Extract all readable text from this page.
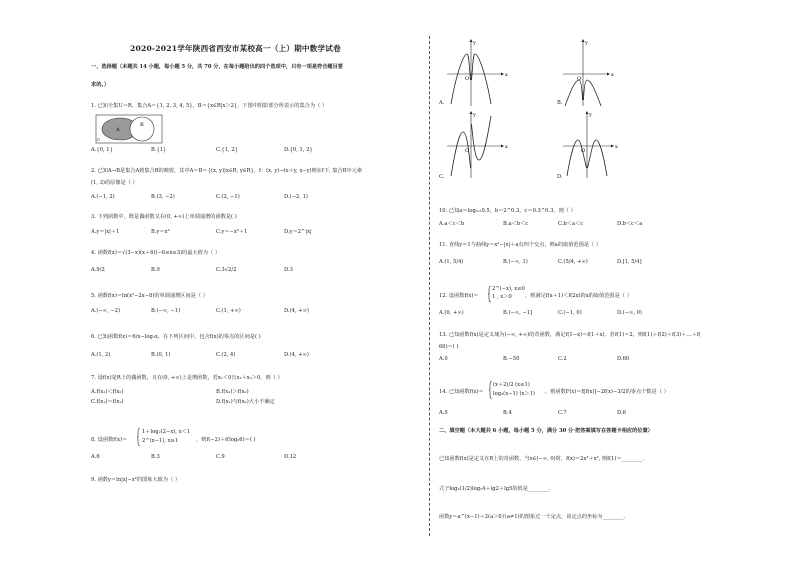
2020-2021学年陕西省西安市某校高一（上）期中数学试卷
一、选择题（本题共 14 小题，每小题 5 分，共 70 分，在每小题给出的四个选项中，只有一项是符合题目要
求的。）
1. 已知全集U＝R，集合A＝{1, 2, 3, 4, 5}，B＝{x∈R|x＞2}，下图中阴影部分所表示的集合为（ ）
U
A
B
A.{0, 1}	B.{1}	C.{1, 2}	D.{0, 1, 2}
2. 已知A→B是集合A到集合B的映射，其中A＝B＝{(x, y)|x∈R, y∈R}，f：(x, y)→(x＋y, x−y)则在f下, 集合B中元素
(1, 3)的原像是（ ）
A.(−1, 2)	B.(3, −2)	C.(2, −1)	D.(−2, 1)
3. 下列函数中，既是偶函数又在(0, +∞)上单调递增的函数是( )
A.y＝|x|＋1	B.y＝x³	C.y＝−x²＋1	D.y＝2^|x|
4. 函数f(x)＝√(3−x)(x＋6)(−6≤x≤3)的最大值为（ ）
A.9/2	B.9	C.3√2/2	D.3
5. 函数f(x)＝ln(x²−2x−8)的单调递增区间是（ ）
A.(−∞, −2)	B.(−∞, −1)	C.(1, +∞)	D.(4, +∞)
6. 已知函数f(x)＝6/x−log₂x，在下列区间中，包含f(x)的零点的区间是( )
A.(1, 2)	B.(0, 1)	C.(2, 4)	D.(4, +∞)
7. 设f(x)是R上的偶函数，且在(0, +∞)上是增函数，若x₁＜0且x₁＋x₂＞0，则（ ）
A.f(x₁)＜f(x₂)	B.f(x₁)＞f(x₂)
C.f(x₁)＝f(x₂)	D.f(x₁)与f(x₂)大小不确定
8. 设函数f(x)＝
1＋log₂(2−x), x＜1
2^(x−1), x≥1	，则f(−2)＋f(log₂6)＝( )
A.6	B.3	C.9	D.12
9. 函数y＝ln|x|−x²的图象大致为（ ）
x
y
O
A.
x
y
O
B.
x
y
O
C.
x
y
O
D.
10. 已知a＝log₀.₅0.5，b＝2^0.3，c＝0.3^0.3，则（ ）
A.a＜c＜b	B.a＜b＜c	C.b＜a＜c	D.b＜c＜a
11. 直线y＝1与曲线y＝x²−|x|＋a有四个交点，则a的取值范围是（ ）
A.(1, 5/4)	B.(−∞, 1)	C.(5/4, +∞)	D.[1, 5/4]
12. 设函数f(x)＝
2^(−x), x≤0
1 , x＞0	，则满足f(x＋1)＜f(2x)的x的取值范围是（ ）
A.(0, +∞)	B.(−∞, −1]	C.(−1, 0)	D.(−∞, 0)
13. 已知函数f(x)是定义域为(−∞, +∞)的奇函数，满足f(1−x)＝f(1＋x)．若f(1)＝2，则f(1)＋f(2)＋f(3)＋…＋f(
60)＝( )
A.0	B.−50	C.2	D.60
14. 已知函数f(x)＝
(x＋2)/2 (x≤1)
log₂(x−1) (x＞1) ，则函数F(x)＝f[f(x)]−2f(x)−3/2的零点个数是（ ）
A.5	B.4	C.7	D.6
二、填空题（本大题共 6 小题，每小题 5 分，满分 30 分·把答案填写在答题卡相应的位置）
已知函数f(x)是定义在R上的奇函数，当x∈(−∞, 0)时，f(x)＝2x³＋x², 则f(1)＝________.
式子log₃(1/2)log₂4＋lg2＋lg5的值是________.
函数y＝a^(x−1)＋2(a＞0且a≠1)的图象过一个定点，该定点的坐标为________.
